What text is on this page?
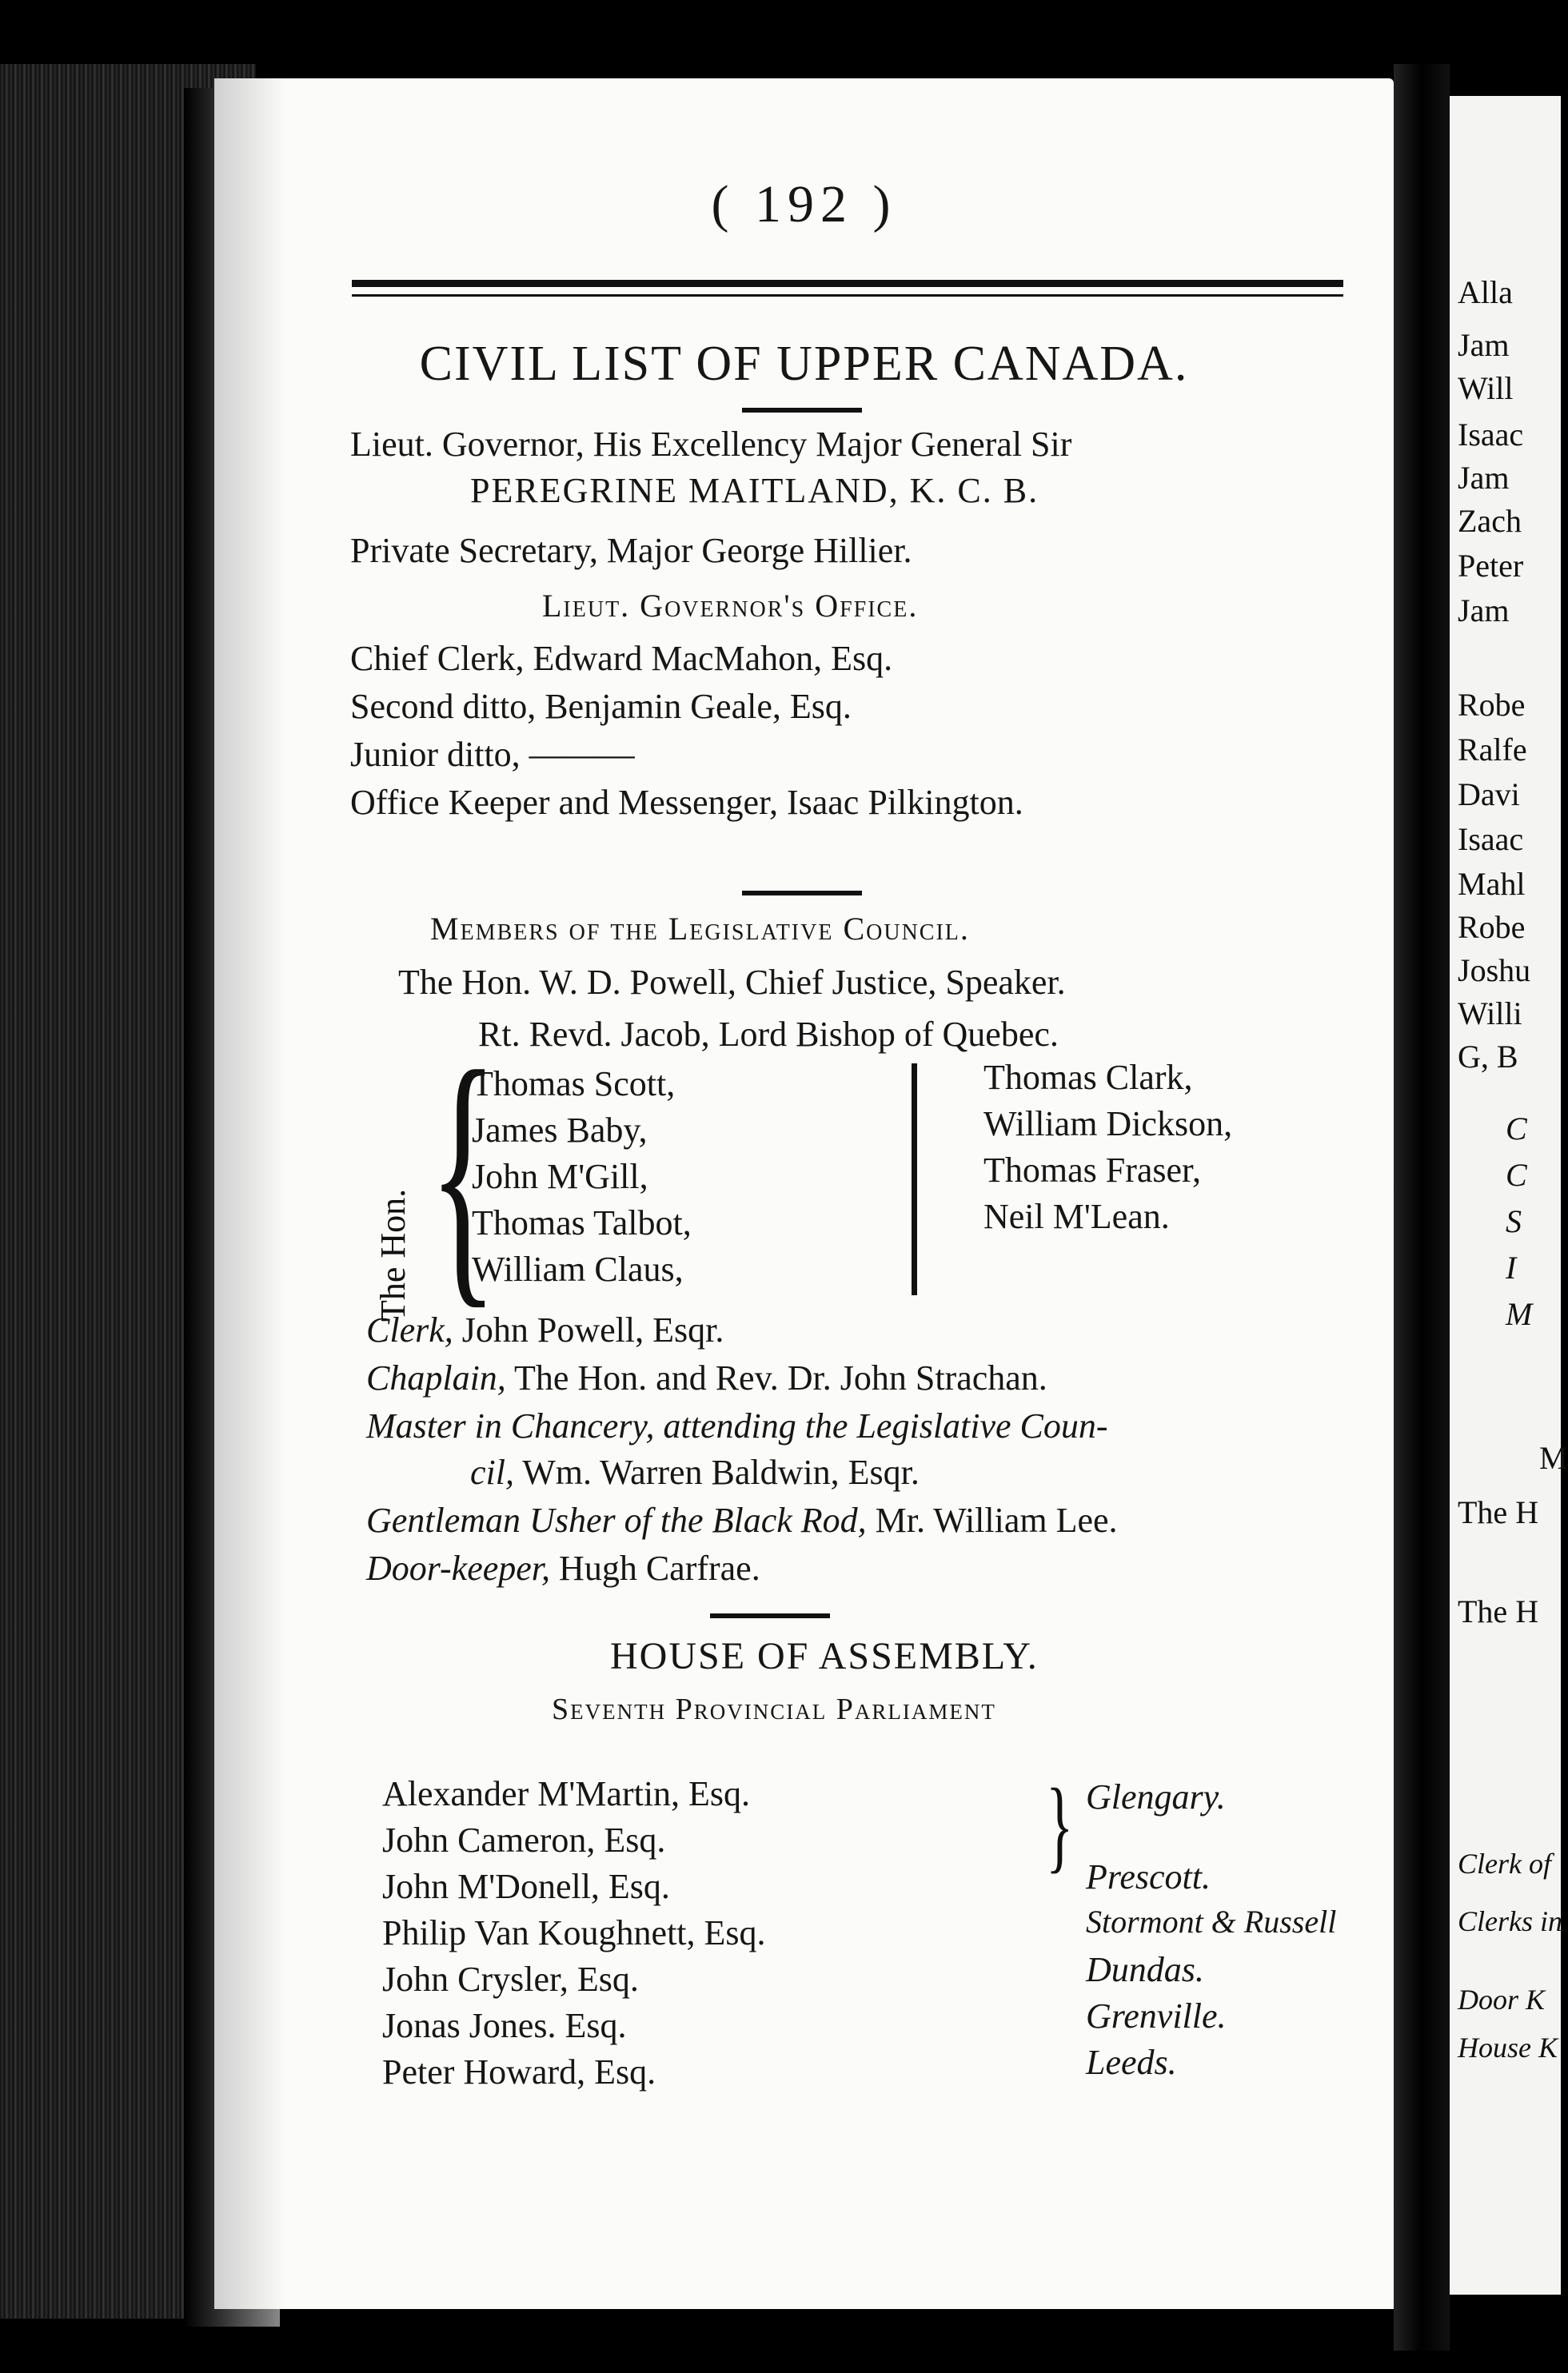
( 192 )
CIVIL LIST OF UPPER CANADA.
Lieut. Governor, His Excellency Major General Sir
PEREGRINE MAITLAND, K. C. B.
Private Secretary, Major George Hillier.
Lieut. Governor's Office.
Chief Clerk, Edward MacMahon, Esq.
Second ditto, Benjamin Geale, Esq.
Junior ditto, ———
Office Keeper and Messenger, Isaac Pilkington.
Members of the Legislative Council.
The Hon. W. D. Powell, Chief Justice, Speaker.
Rt. Revd. Jacob, Lord Bishop of Quebec.
The Hon. {
Thomas Scott,
James Baby,
John M'Gill,
Thomas Talbot,
William Claus,
Thomas Clark,
William Dickson,
Thomas Fraser,
Neil M'Lean.
Clerk, John Powell, Esqr.
Chaplain, The Hon. and Rev. Dr. John Strachan.
Master in Chancery, attending the Legislative Coun-
cil, Wm. Warren Baldwin, Esqr.
Gentleman Usher of the Black Rod, Mr. William Lee.
Door-keeper, Hugh Carfrae.
HOUSE OF ASSEMBLY.
Seventh Provincial Parliament
Alexander M'Martin, Esq.
John Cameron, Esq.
John M'Donell, Esq.
Philip Van Koughnett, Esq.
John Crysler, Esq.
Jonas Jones. Esq.
Peter Howard, Esq.
} Glengary.
Prescott.
Stormont & Russell
Dundas.
Grenville.
Leeds.
Alla
Jam
Will
Isaac
Jam
Zach
Peter
Jam
Robe
Ralfe
Davi
Isaac
Mahl
Robe
Joshu
Willi
G, B
C
C
S
I
M
M
The H
The H
Clerk of
Clerks in
Door K
House K
